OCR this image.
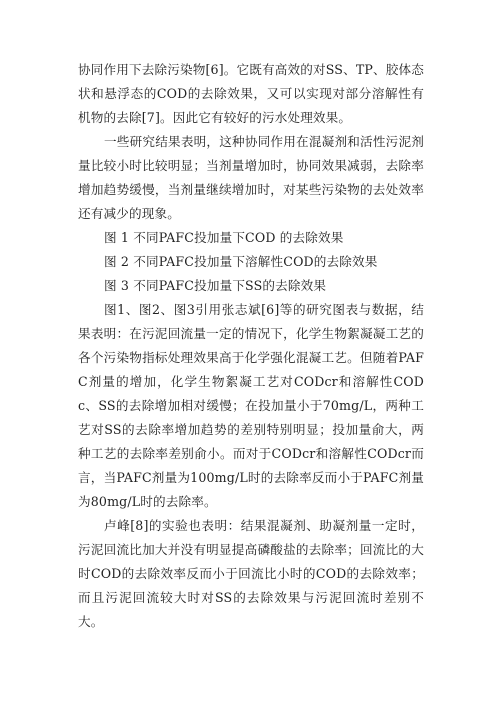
协同作用下去除污染物[6]。它既有高效的对SS、TP、胶体态状和悬浮态的COD的去除效果，又可以实现对部分溶解性有机物的去除[7]。因此它有较好的污水处理效果。

一些研究结果表明，这种协同作用在混凝剂和活性污泥剂量比较小时比较明显；当剂量增加时，协同效果减弱，去除率增加趋势缓慢，当剂量继续增加时，对某些污染物的去处效率还有减少的现象。

图 1 不同PAFC投加量下COD 的去除效果

图 2 不同PAFC投加量下溶解性COD的去除效果

图 3 不同PAFC投加量下SS的去除效果

图1、图2、图3引用张志斌[6]等的研究图表与数据，结果表明：在污泥回流量一定的情况下，化学生物絮凝凝工艺的各个污染物指标处理效果高于化学强化混凝工艺。但随着PAFC剂量的增加，化学生物絮凝工艺对CODcr和溶解性CODc、SS的去除增加相对缓慢；在投加量小于70mg/L，两种工艺对SS的去除率增加趋势的差别特别明显；投加量俞大，两种工艺的去除率差别俞小。而对于CODcr和溶解性CODcr而言，当PAFC剂量为100mg/L时的去除率反而小于PAFC剂量为80mg/L时的去除率。

卢峰[8]的实验也表明：结果混凝剂、助凝剂量一定时，污泥回流比加大并没有明显提高磷酸盐的去除率；回流比的大时COD的去除效率反而小于回流比小时的COD的去除效率；而且污泥回流较大时对SS的去除效果与污泥回流时差别不大。
